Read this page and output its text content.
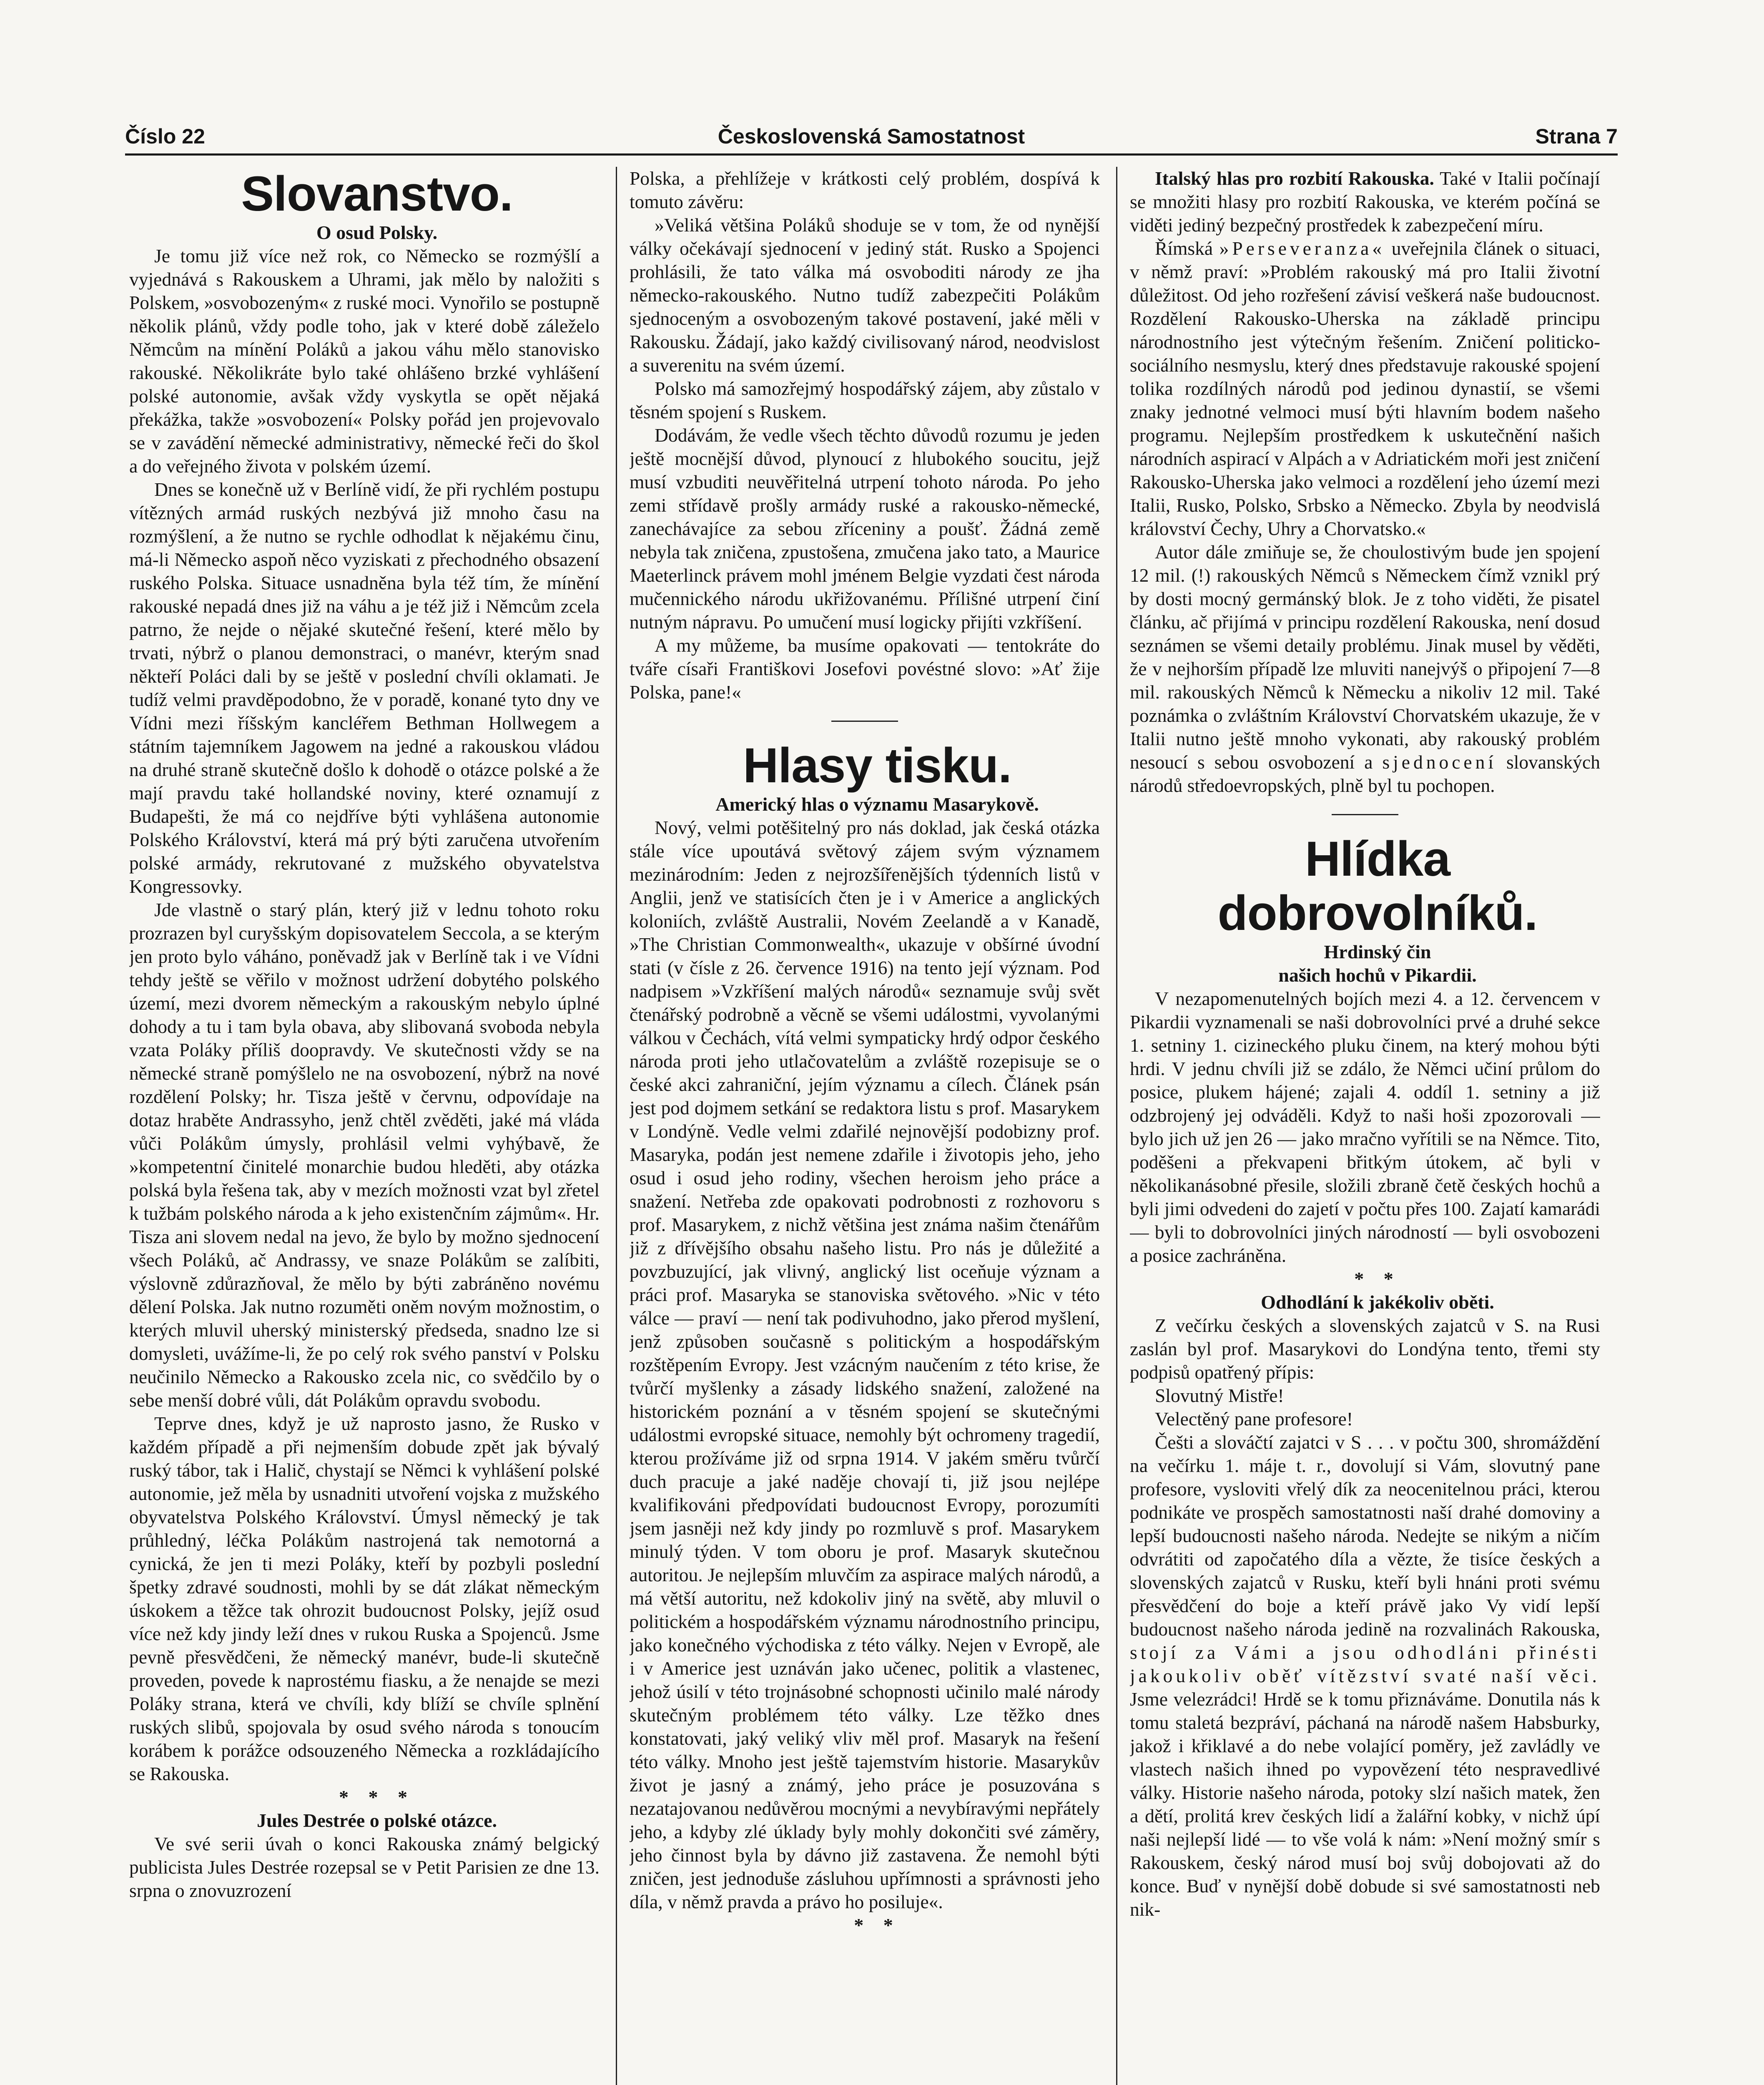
Číslo 22	Československá Samostatnost	Strana 7

Slovanstvo.

O osud Polsky.

Je tomu již více než rok, co Německo se rozmýšlí a vyjednává s Rakouskem a Uhrami, jak mělo by naložiti s Polskem, »osvobozeným« z ruské moci. Vynořilo se postupně několik plánů, vždy podle toho, jak v které době záleželo Němcům na mínění Poláků a jakou váhu mělo stanovisko rakouské. Několikráte bylo také ohlášeno brzké vyhlášení polské autonomie, avšak vždy vyskytla se opět nějaká překážka, takže »osvobození« Polsky pořád jen projevovalo se v zavádění německé administrativy, německé řeči do škol a do veřejného života v polském území.

Dnes se konečně už v Berlíně vidí, že při rychlém postupu vítězných armád ruských nezbývá již mnoho času na rozmýšlení, a že nutno se rychle odhodlat k nějakému činu, má-li Německo aspoň něco vyziskati z přechodného obsazení ruského Polska. Situace usnadněna byla též tím, že mínění rakouské nepadá dnes již na váhu a je též již i Němcům zcela patrno, že nejde o nějaké skutečné řešení, které mělo by trvati, nýbrž o planou demonstraci, o manévr, kterým snad někteří Poláci dali by se ještě v poslední chvíli oklamati. Je tudíž velmi pravděpodobno, že v poradě, konané tyto dny ve Vídni mezi říšským kancléřem Bethman Hollwegem a státním tajemníkem Jagowem na jedné a rakouskou vládou na druhé straně skutečně došlo k dohodě o otázce polské a že mají pravdu také hollandské noviny, které oznamují z Budapešti, že má co nejdříve býti vyhlášena autonomie Polského Království, která má prý býti zaručena utvořením polské armády, rekrutované z mužského obyvatelstva Kongressovky.

Jde vlastně o starý plán, který již v lednu tohoto roku prozrazen byl curyšským dopisovatelem Seccola, a se kterým jen proto bylo váháno, poněvadž jak v Berlíně tak i ve Vídni tehdy ještě se věřilo v možnost udržení dobytého polského území, mezi dvorem německým a rakouským nebylo úplné dohody a tu i tam byla obava, aby slibovaná svoboda nebyla vzata Poláky příliš doopravdy. Ve skutečnosti vždy se na německé straně pomýšlelo ne na osvobození, nýbrž na nové rozdělení Polsky; hr. Tisza ještě v červnu, odpovídaje na dotaz hraběte Andrassyho, jenž chtěl zvěděti, jaké má vláda vůči Polákům úmysly, prohlásil velmi vyhýbavě, že »kompetentní činitelé monarchie budou hleděti, aby otázka polská byla řešena tak, aby v mezích možnosti vzat byl zřetel k tužbám polského národa a k jeho existenčním zájmům«. Hr. Tisza ani slovem nedal na jevo, že bylo by možno sjednocení všech Poláků, ač Andrassy, ve snaze Polákům se zalíbiti, výslovně zdůrazňoval, že mělo by býti zabráněno novému dělení Polska. Jak nutno rozuměti oněm novým možnostim, o kterých mluvil uherský ministerský předseda, snadno lze si domysleti, uvážíme-li, že po celý rok svého panství v Polsku neučinilo Německo a Rakousko zcela nic, co svědčilo by o sebe menší dobré vůli, dát Polákům opravdu svobodu.

Teprve dnes, když je už naprosto jasno, že Rusko v každém případě a při nejmenším dobude zpět jak bývalý ruský tábor, tak i Halič, chystají se Němci k vyhlášení polské autonomie, jež měla by usnadniti utvoření vojska z mužského obyvatelstva Polského Království. Úmysl německý je tak průhledný, léčka Polákům nastrojená tak nemotorná a cynická, že jen ti mezi Poláky, kteří by pozbyli poslední špetky zdravé soudnosti, mohli by se dát zlákat německým úskokem a těžce tak ohrozit budoucnost Polsky, jejíž osud více než kdy jindy leží dnes v rukou Ruska a Spojenců. Jsme pevně přesvědčeni, že německý manévr, bude-li skutečně proveden, povede k naprostému fiasku, a že nenajde se mezi Poláky strana, která ve chvíli, kdy blíží se chvíle splnění ruských slibů, spojovala by osud svého národa s tonoucím korábem k porážce odsouzeného Německa a rozkládajícího se Rakouska.

* * *

Jules Destrée o polské otázce.

Ve své serii úvah o konci Rakouska známý belgický publicista Jules Destrée rozepsal se v Petit Parisien ze dne 13. srpna o znovuzrození

Polska, a přehlížeje v krátkosti celý problém, dospívá k tomuto závěru:

»Veliká většina Poláků shoduje se v tom, že od nynější války očekávají sjednocení v jediný stát. Rusko a Spojenci prohlásili, že tato válka má osvoboditi národy ze jha německo-rakouského. Nutno tudíž zabezpečiti Polákům sjednoceným a osvobozeným takové postavení, jaké měli v Rakousku. Žádají, jako každý civilisovaný národ, neodvislost a suverenitu na svém území.

Polsko má samozřejmý hospodářský zájem, aby zůstalo v těsném spojení s Ruskem.

Dodávám, že vedle všech těchto důvodů rozumu je jeden ještě mocnější důvod, plynoucí z hlubokého soucitu, jejž musí vzbuditi neuvěřitelná utrpení tohoto národa. Po jeho zemi střídavě prošly armády ruské a rakousko-německé, zanechávajíce za sebou zříceniny a poušť. Žádná země nebyla tak zničena, zpustošena, zmučena jako tato, a Maurice Maeterlinck právem mohl jménem Belgie vyzdati čest národa mučennického národu ukřižovanému. Přílišné utrpení činí nutným nápravu. Po umučení musí logicky přijíti vzkříšení.

A my můžeme, ba musíme opakovati — tentokráte do tváře císaři Františkovi Josefovi povéstné slovo: »Ať žije Polska, pane!«

Hlasy tisku.

Americký hlas o významu Masarykově.

Nový, velmi potěšitelný pro nás doklad, jak česká otázka stále více upoutává světový zájem svým významem mezinárodním: Jeden z nejrozšířenějších týdenních listů v Anglii, jenž ve statisících čten je i v Americe a anglických koloniích, zvláště Australii, Novém Zeelandě a v Kanadě, »The Christian Commonwealth«, ukazuje v obšírné úvodní stati (v čísle z 26. července 1916) na tento její význam. Pod nadpisem »Vzkříšení malých národů« seznamuje svůj svět čtenářský podrobně a věcně se všemi událostmi, vyvolanými válkou v Čechách, vítá velmi sympaticky hrdý odpor českého národa proti jeho utlačovatelům a zvláště rozepisuje se o české akci zahraniční, jejím významu a cílech. Článek psán jest pod dojmem setkání se redaktora listu s prof. Masarykem v Londýně. Vedle velmi zdařilé nejnovější podobizny prof. Masaryka, podán jest nemene zdařile i životopis jeho, jeho osud i osud jeho rodiny, všechen heroism jeho práce a snažení. Netřeba zde opakovati podrobnosti z rozhovoru s prof. Masarykem, z nichž většina jest známa našim čtenářům již z dřívějšího obsahu našeho listu. Pro nás je důležité a povzbuzující, jak vlivný, anglický list oceňuje význam a práci prof. Masaryka se stanoviska světového. »Nic v této válce — praví — není tak podivuhodno, jako přerod myšlení, jenž způsoben současně s politickým a hospodářským rozštěpením Evropy. Jest vzácným naučením z této krise, že tvůrčí myšlenky a zásady lidského snažení, založené na historickém poznání a v těsném spojení se skutečnými událostmi evropské situace, nemohly být ochromeny tragedií, kterou prožíváme již od srpna 1914. V jakém směru tvůrčí duch pracuje a jaké naděje chovají ti, již jsou nejlépe kvalifikováni předpovídati budoucnost Evropy, porozumíti jsem jasněji než kdy jindy po rozmluvě s prof. Masarykem minulý týden. V tom oboru je prof. Masaryk skutečnou autoritou. Je nejlepším mluvčím za aspirace malých národů, a má větší autoritu, než kdokoliv jiný na světě, aby mluvil o politickém a hospodářském významu národnostního principu, jako konečného východiska z této války. Nejen v Evropě, ale i v Americe jest uznáván jako učenec, politik a vlastenec, jehož úsilí v této trojnásobné schopnosti učinilo malé národy skutečným problémem této války. Lze těžko dnes konstatovati, jaký veliký vliv měl prof. Masaryk na řešení této války. Mnoho jest ještě tajemstvím historie. Masarykův život je jasný a známý, jeho práce je posuzována s nezatajovanou nedůvěrou mocnými a nevybíravými nepřátely jeho, a kdyby zlé úklady byly mohly dokončiti své záměry, jeho činnost byla by dávno již zastavena. Že nemohl býti zničen, jest jednoduše zásluhou upřímnosti a správnosti jeho díla, v němž pravda a právo ho posiluje«.

* *

Italský hlas pro rozbití Rakouska. Také v Italii počínají se množiti hlasy pro rozbití Rakouska, ve kterém počíná se viděti jediný bezpečný prostředek k zabezpečení míru.

Římská »Perseveranza« uveřejnila článek o situaci, v němž praví: »Problém rakouský má pro Italii životní důležitost. Od jeho rozřešení závisí veškerá naše budoucnost. Rozdělení Rakousko-Uherska na základě principu národnostního jest výtečným řešením. Zničení politicko-sociálního nesmyslu, který dnes představuje rakouské spojení tolika rozdílných národů pod jedinou dynastií, se všemi znaky jednotné velmoci musí býti hlavním bodem našeho programu. Nejlepším prostředkem k uskutečnění našich národních aspirací v Alpách a v Adriatickém moři jest zničení Rakousko-Uherska jako velmoci a rozdělení jeho území mezi Italii, Rusko, Polsko, Srbsko a Německo. Zbyla by neodvislá království Čechy, Uhry a Chorvatsko.«

Autor dále zmiňuje se, že choulostivým bude jen spojení 12 mil. (!) rakouských Němců s Německem čímž vznikl prý by dosti mocný germánský blok. Je z toho viděti, že pisatel článku, ač přijímá v principu rozdělení Rakouska, není dosud seznámen se všemi detaily problému. Jinak musel by věděti, že v nejhorším případě lze mluviti nanejvýš o připojení 7—8 mil. rakouských Němců k Německu a nikoliv 12 mil. Také poznámka o zvláštním Království Chorvatském ukazuje, že v Italii nutno ještě mnoho vykonati, aby rakouský problém nesoucí s sebou osvobození a sjednocení slovanských národů středoevropských, plně byl tu pochopen.

Hlídka

dobrovolníků.

Hrdinský čin

našich hochů v Pikardii.

V nezapomenutelných bojích mezi 4. a 12. červencem v Pikardii vyznamenali se naši dobrovolníci prvé a druhé sekce 1. setniny 1. cizineckého pluku činem, na který mohou býti hrdi. V jednu chvíli již se zdálo, že Němci učiní průlom do posice, plukem hájené; zajali 4. oddíl 1. setniny a již odzbrojený jej odváděli. Když to naši hoši zpozorovali — bylo jich už jen 26 — jako mračno vyřítili se na Němce. Tito, poděšeni a překvapeni břitkým útokem, ač byli v několikanásobné přesile, složili zbraně četě českých hochů a byli jimi odvedeni do zajetí v počtu přes 100. Zajatí kamarádi — byli to dobrovolníci jiných národností — byli osvobozeni a posice zachráněna.

* *

Odhodlání k jakékoliv oběti.

Z večírku českých a slovenských zajatců v S. na Rusi zaslán byl prof. Masarykovi do Londýna tento, třemi sty podpisů opatřený přípis:

Slovutný Mistře!

Velectěný pane profesore!

Češti a slováčtí zajatci v S . . . v počtu 300, shromáždění na večírku 1. máje t. r., dovolují si Vám, slovutný pane profesore, vysloviti vřelý dík za neocenitelnou práci, kterou podnikáte ve prospěch samostatnosti naší drahé domoviny a lepší budoucnosti našeho národa. Nedejte se nikým a ničím odvrátiti od započatého díla a vězte, že tisíce českých a slovenských zajatců v Rusku, kteří byli hnáni proti svému přesvědčení do boje a kteří právě jako Vy vidí lepší budoucnost našeho národa jedině na rozvalinách Rakouska, stojí za Vámi a jsou odhodláni přinésti jakoukoliv oběť vítězství svaté naší věci. Jsme velezrádci! Hrdě se k tomu přiznáváme. Donutila nás k tomu staletá bezpráví, páchaná na národě našem Habsburky, jakož i křiklavé a do nebe volající poměry, jež zavládly ve vlastech našich ihned po vypovězení této nespravedlivé války. Historie našeho národa, potoky slzí našich matek, žen a dětí, prolitá krev českých lidí a žalářní kobky, v nichž úpí naši nejlepší lidé — to vše volá k nám: »Není možný smír s Rakouskem, český národ musí boj svůj dobojovati až do konce. Buď v nynější době dobude si své samostatnosti neb nik-
